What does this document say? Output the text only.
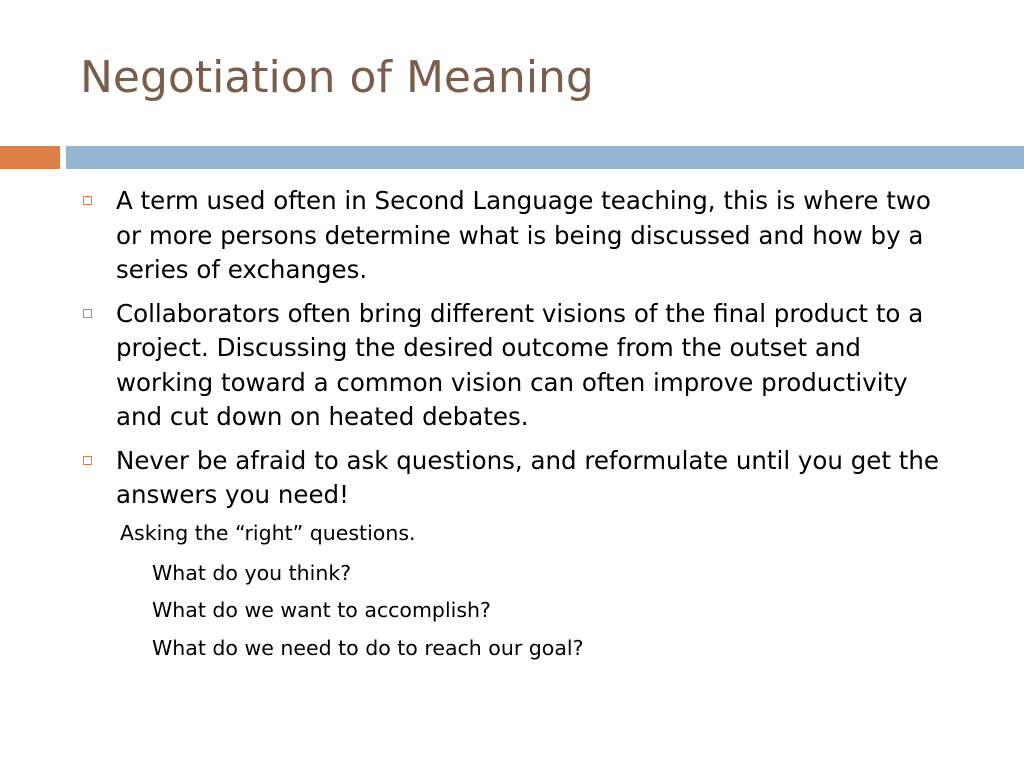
Negotiation of Meaning
A term used often in Second Language teaching, this is where two or more persons determine what is being discussed and how by a series of exchanges.
Collaborators often bring different visions of the final product to a project. Discussing the desired outcome from the outset and working toward a common vision can often improve productivity and cut down on heated debates.
Never be afraid to ask questions, and reformulate until you get the answers you need!
Asking the “right” questions.
What do you think?
What do we want to accomplish?
What do we need to do to reach our goal?
